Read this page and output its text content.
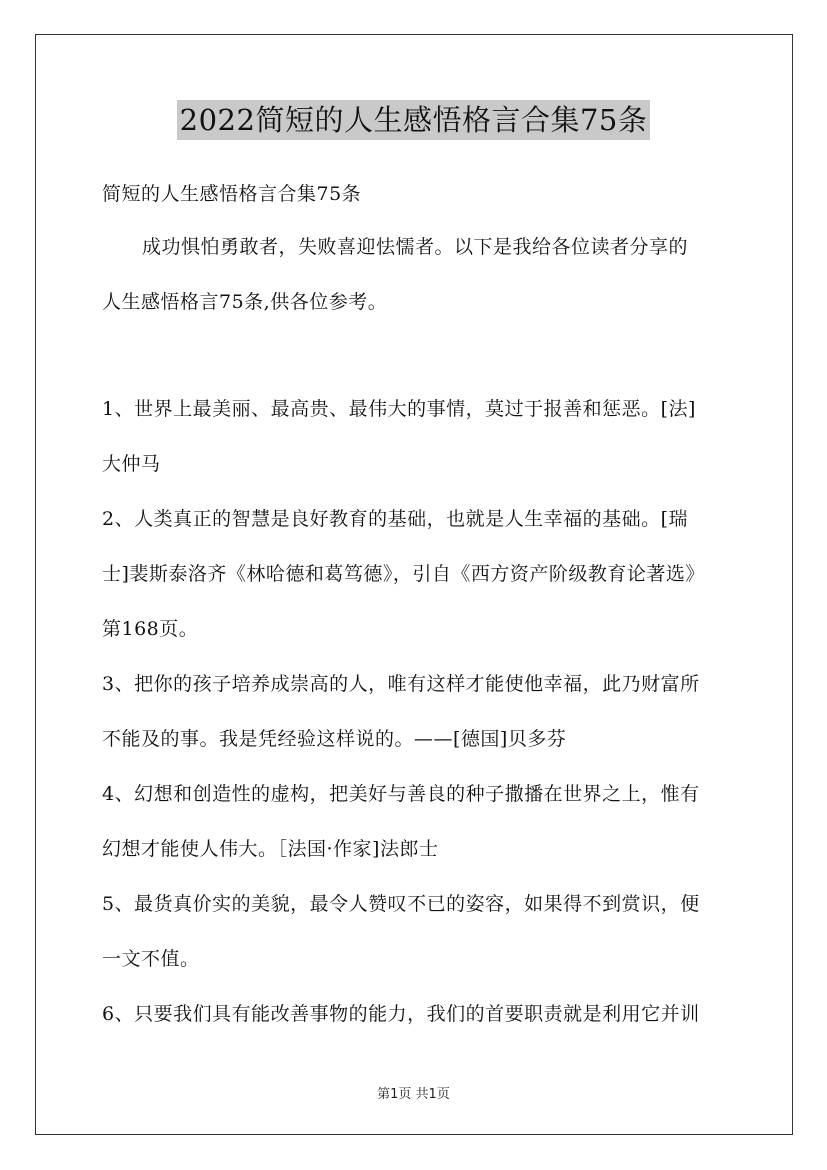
2022简短的人生感悟格言合集75条

简短的人生感悟格言合集75条

成功惧怕勇敢者，失败喜迎怯懦者。以下是我给各位读者分享的

人生感悟格言75条,供各位参考。

1、世界上最美丽、最高贵、最伟大的事情，莫过于报善和惩恶。[法]

大仲马

2、人类真正的智慧是良好教育的基础，也就是人生幸福的基础。[瑞

士]裴斯泰洛齐《林哈德和葛笃德》，引自《西方资产阶级教育论著选》

第168页。

3、把你的孩子培养成崇高的人，唯有这样才能使他幸福，此乃财富所

不能及的事。我是凭经验这样说的。——[德国]贝多芬

4、幻想和创造性的虚构，把美好与善良的种子撒播在世界之上，惟有

幻想才能使人伟大。［法国·作家]法郎士

5、最货真价实的美貌，最令人赞叹不已的姿容，如果得不到赏识，便

一文不值。

6、只要我们具有能改善事物的能力，我们的首要职责就是利用它并训

第1页 共1页
